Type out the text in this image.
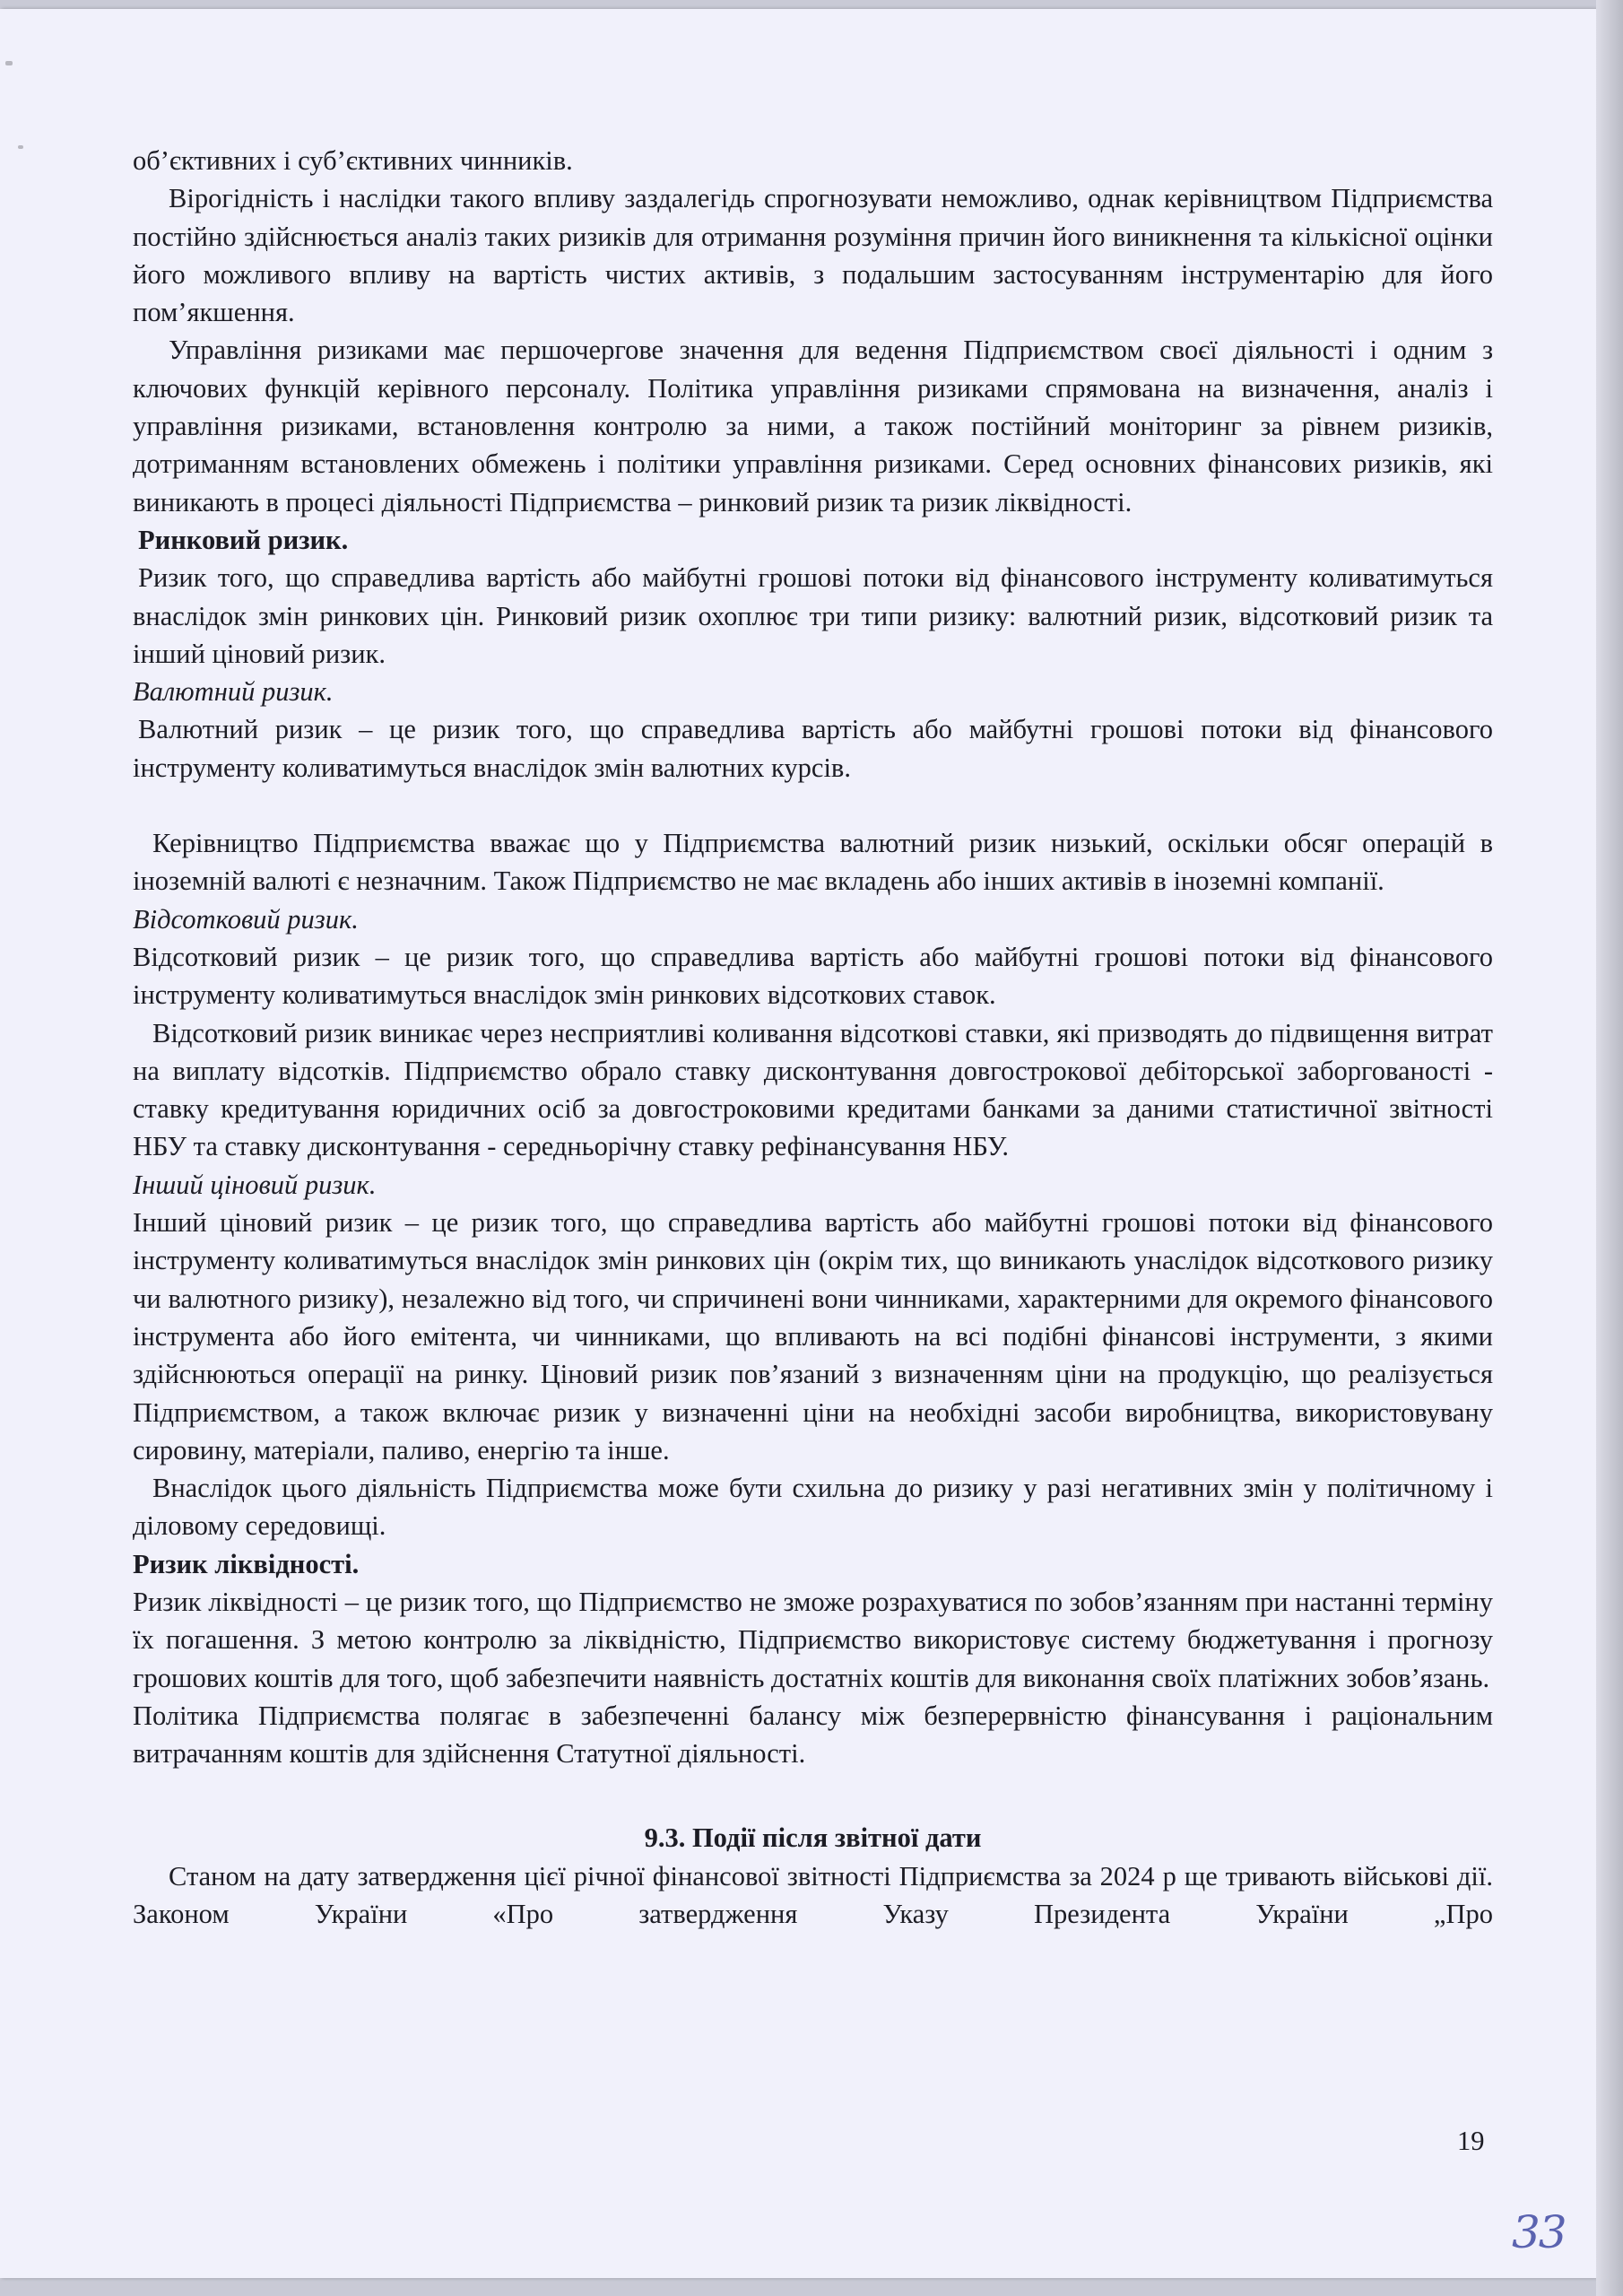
об’єктивних і суб’єктивних чинників.

Вірогідність і наслідки такого впливу заздалегідь спрогнозувати неможливо, однак керівництвом Підприємства постійно здійснюється аналіз таких ризиків для отримання розуміння причин його виникнення та кількісної оцінки його можливого впливу на вартість чистих активів, з подальшим застосуванням інструментарію для його пом’якшення.

Управління ризиками має першочергове значення для ведення Підприємством своєї діяльності і одним з ключових функцій керівного персоналу. Політика управління ризиками спрямована на визначення, аналіз і управління ризиками, встановлення контролю за ними, а також постійний моніторинг за рівнем ризиків, дотриманням встановлених обмежень і політики управління ризиками. Серед основних фінансових ризиків, які виникають в процесі діяльності Підприємства – ринковий ризик та ризик ліквідності.

Ринковий ризик.

Ризик того, що справедлива вартість або майбутні грошові потоки від фінансового інструменту коливатимуться внаслідок змін ринкових цін. Ринковий ризик охоплює три типи ризику: валютний ризик, відсотковий ризик та інший ціновий ризик.

Валютний ризик.

Валютний ризик – це ризик того, що справедлива вартість або майбутні грошові потоки від фінансового інструменту коливатимуться внаслідок змін валютних курсів.

Керівництво Підприємства вважає що у Підприємства валютний ризик низький, оскільки обсяг операцій в іноземній валюті є незначним. Також Підприємство не має вкладень або інших активів в іноземні компанії.

Відсотковий ризик.

Відсотковий ризик – це ризик того, що справедлива вартість або майбутні грошові потоки від фінансового інструменту коливатимуться внаслідок змін ринкових відсоткових ставок.

Відсотковий ризик виникає через несприятливі коливання відсоткові ставки, які призводять до підвищення витрат на виплату відсотків. Підприємство обрало ставку дисконтування довгострокової дебіторської заборгованості - ставку кредитування юридичних осіб за довгостроковими кредитами банками за даними статистичної звітності НБУ та ставку дисконтування - середньорічну ставку рефінансування НБУ.

Інший ціновий ризик.

Інший ціновий ризик – це ризик того, що справедлива вартість або майбутні грошові потоки від фінансового інструменту коливатимуться внаслідок змін ринкових цін (окрім тих, що виникають унаслідок відсоткового ризику чи валютного ризику), незалежно від того, чи спричинені вони чинниками, характерними для окремого фінансового інструмента або його емітента, чи чинниками, що впливають на всі подібні фінансові інструменти, з якими здійснюються операції на ринку. Ціновий ризик пов’язаний з визначенням ціни на продукцію, що реалізується Підприємством, а також включає ризик у визначенні ціни на необхідні засоби виробництва, використовувану сировину, матеріали, паливо, енергію та інше.

Внаслідок цього діяльність Підприємства може бути схильна до ризику у разі негативних змін у політичному і діловому середовищі.

Ризик ліквідності.

Ризик ліквідності – це ризик того, що Підприємство не зможе розрахуватися по зобов’язанням при настанні терміну їх погашення. З метою контролю за ліквідністю, Підприємство використовує систему бюджетування і прогнозу грошових коштів для того, щоб забезпечити наявність достатніх коштів для виконання своїх платіжних зобов’язань.

Політика Підприємства полягає в забезпеченні балансу між безперервністю фінансування і раціональним витрачанням коштів для здійснення Статутної діяльності.

9.3. Події після звітної дати

Станом на дату затвердження цієї річної фінансової звітності Підприємства за 2024 р ще тривають військові дії. Законом України «Про затвердження Указу Президента України „Про

19
33
